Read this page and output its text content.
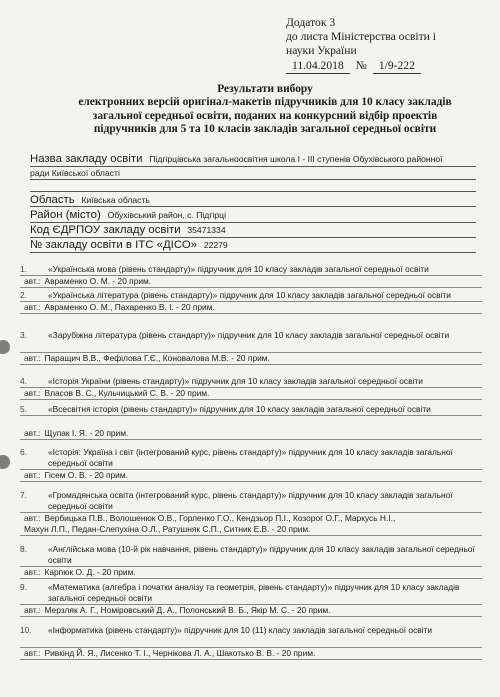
Додаток 3
до листа Міністерства освіти і
науки України
11.04.2018	№	1/9-222
Результати вибору
електронних версій оригінал-макетів підручників для 10 класу закладів
загальної середньої освіти, поданих на конкурсний відбір проектів
підручників для 5 та 10 класів закладів загальної середньої освіти
Назва закладу освіти Підгірцівська загальноосвітня школа I - III ступенів Обухівського районної
ради Київської області
Область Київська область
Район (місто) Обухівський район, с. Підгірці
Код ЄДРПОУ закладу освіти 35471334
№ закладу освіти в ІТС «ДІСО» 22279
1.	«Українська мова (рівень стандарту)» підручник для 10 класу закладів загальної середньої освіти
авт.: Авраменко О. М. - 20 прим.
2.	«Українська література (рівень стандарту)» підручник для 10 класу закладів загальної середньої освіти
авт.: Авраменко О. М., Пахаренко В. І. - 20 прим.
3.	«Зарубіжна література (рівень стандарту)» підручник для 10 класу закладів загальної середньої освіти
авт.: Паращич В.В., Фефілова Г.Є., Коновалова М.В. - 20 прим.
4.	«Історія України (рівень стандарту)» підручник для 10 класу закладів загальної середньої освіти
авт.: Власов В. С., Кульчицький С. В. - 20 прим.
5.	«Всесвітня історія (рівень стандарту)» підручник для 10 класу закладів загальної середньої освіти
авт.: Щупак І. Я. - 20 прим.
6.	«Історія: Україна і світ (інтегрований курс, рівень стандарту)» підручник для 10 класу закладів загальної середньої освіти
авт.: Гісем О. В. - 20 прим.
7.	«Громадянська освіта (інтегрований курс, рівень стандарту)» підручник для 10 класу закладів загальної середньої освіти
авт.: Вербицька П.В., Волошенюк О.В., Горленко Г.О., Кендзьор П.І., Козорог О.Г., Маркусь Н.І.,
Махун Л.П., Педан-Слепухіна О.Л., Ратушняк С.П., Ситник Е.В. - 20 прим.
8.	«Англійська мова (10-й рік навчання, рівень стандарту)» підручник для 10 класу закладів загальної середньої освіти
авт.: Карпюк О. Д. - 20 прим.
9.	«Математика (алгебра і початки аналізу та геометрія, рівень стандарту)» підручник для 10 класу закладів загальної середньої освіти
авт.: Мерзляк А. Г., Номіровський Д. А., Полонський В. Б., Якір М. С. - 20 прим.
10.	«Інформатика (рівень стандарту)» підручник для 10 (11) класу закладів загальної середньої освіти
авт.: Ривкінд Й. Я., Лисенко Т. І., Чернікова Л. А., Шакотько В. В. - 20 прим.
